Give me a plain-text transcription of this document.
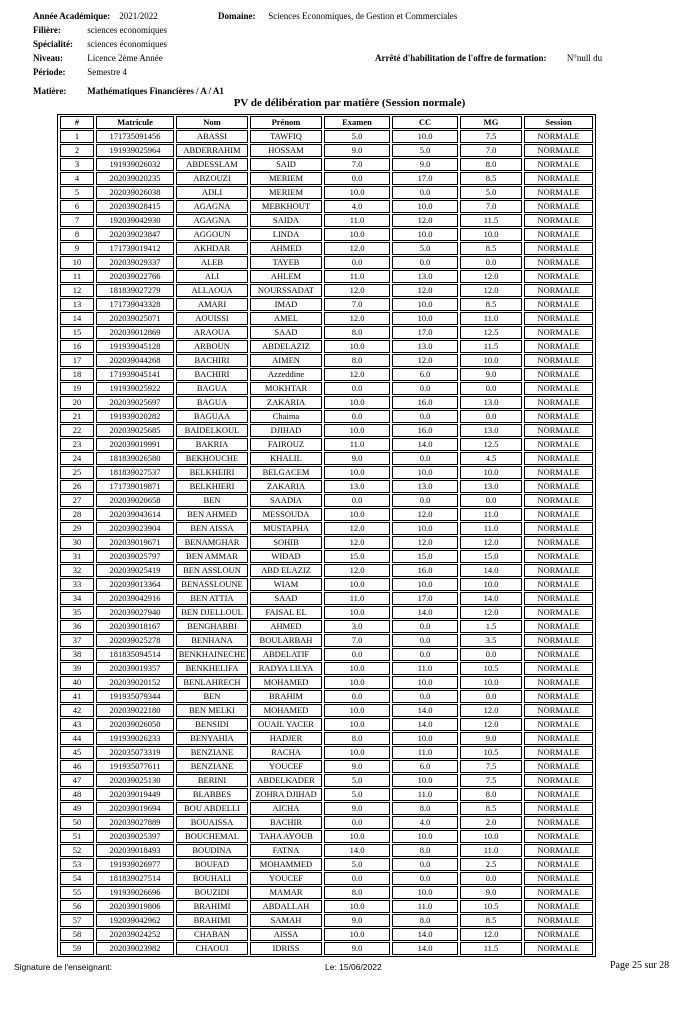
Année Académique: 2021/2022	Domaine: Sciences Economiques, de Gestion et Commerciales
Filière:	sciences economiques
Spécialité: sciences économiques
Niveau:	Licence 2ème Année	Arrêté d'habilitation de l'offre de formation: N°null du
Période: Semestre 4
Matière: Mathématiques Financières / A / A1
PV de délibération par matière (Session normale)
#	Matricule	Nom	Prénom	Examen	CC	MG	Session
1	171735091456	ABASSI	TAWFIQ	5.0	10.0	7.5	NORMALE
2	191939025964	ABDERRAHIM	HOSSAM	9.0	5.0	7.0	NORMALE
3	191939026032	ABDESSLAM	SAID	7.0	9.0	8.0	NORMALE
4	202039020235	ABZOUZI	MERIEM	0.0	17.0	8.5	NORMALE
5	202039026038	ADLI	MERIEM	10.0	0.0	5.0	NORMALE
6	202039028415	AGAGNA	MEBKHOUT	4.0	10.0	7.0	NORMALE
7	192039042930	AGAGNA	SAIDA	11.0	12.0	11.5	NORMALE
8	202039023847	AGGOUN	LINDA	10.0	10.0	10.0	NORMALE
9	171739019412	AKHDAR	AHMED	12.0	5.0	8.5	NORMALE
10	202039029337	ALEB	TAYEB	0.0	0.0	0.0	NORMALE
11	202039022766	ALI	AHLEM	11.0	13.0	12.0	NORMALE
12	181839027279	ALLAOUA	NOURSSADAT	12.0	12.0	12.0	NORMALE
13	171739043328	AMARI	IMAD	7.0	10.0	8.5	NORMALE
14	202039025071	AOUISSI	AMEL	12.0	10.0	11.0	NORMALE
15	202039012869	ARAOUA	SAAD	8.0	17.0	12.5	NORMALE
16	191939045128	ARBOUN	ABDELAZIZ	10.0	13.0	11.5	NORMALE
17	202039044268	BACHIRI	AIMEN	8.0	12.0	10.0	NORMALE
18	171939045141	BACHIRI	Azzeddine	12.0	6.0	9.0	NORMALE
19	191939025922	BAGUA	MOKHTAR	0.0	0.0	0.0	NORMALE
20	202039025697	BAGUA	ZAKARIA	10.0	16.0	13.0	NORMALE
21	191939020282	BAGUAA	Chaima	0.0	0.0	0.0	NORMALE
22	202039025685	BAIDELKOUL	DJIHAD	10.0	16.0	13.0	NORMALE
23	202039019991	BAKRIA	FAIROUZ	11.0	14.0	12.5	NORMALE
24	181839026580	BEKHOUCHE	KHALIL	9.0	0.0	4.5	NORMALE
25	181839027537	BELKHEIRI	BELGACEM	10.0	10.0	10.0	NORMALE
26	171739019871	BELKHIERI	ZAKARIA	13.0	13.0	13.0	NORMALE
27	202039020658	BEN	SAADIA	0.0	0.0	0.0	NORMALE
28	202039043614	BEN AHMED	MESSOUDA	10.0	12.0	11.0	NORMALE
29	202039023904	BEN AISSA	MUSTAPHA	12.0	10.0	11.0	NORMALE
30	202039019671	BENAMGHAR	SOHIB	12.0	12.0	12.0	NORMALE
31	202039025797	BEN AMMAR	WIDAD	15.0	15.0	15.0	NORMALE
32	202039025419	BEN ASSLOUN	ABD ELAZIZ	12.0	16.0	14.0	NORMALE
33	202039013364	BENASSLOUNE	WIAM	10.0	10.0	10.0	NORMALE
34	202039042916	BEN ATTIA	SAAD	11.0	17.0	14.0	NORMALE
35	202039027940	BEN DJELLOUL	FAISAL EL	10.0	14.0	12.0	NORMALE
36	202039018167	BENGHARBI	AHMED	3.0	0.0	1.5	NORMALE
37	202039025278	BENHANA	BOULARBAH	7.0	0.0	3.5	NORMALE
38	181835094514	BENKHAINECHE	ABDELATIF	0.0	0.0	0.0	NORMALE
39	202039019357	BENKHELIFA	RADYA LILYA	10.0	11.0	10.5	NORMALE
40	202039020152	BENLAHRECH	MOHAMED	10.0	10.0	10.0	NORMALE
41	191935079344	BEN	BRAHIM	0.0	0.0	0.0	NORMALE
42	202039022180	BEN MELKI	MOHAMED	10.0	14.0	12.0	NORMALE
43	202039026050	BENSIDI	OUAIL YACER	10.0	14.0	12.0	NORMALE
44	191939026233	BENYAHIA	HADJER	8.0	10.0	9.0	NORMALE
45	202035073319	BENZIANE	RACHA	10.0	11.0	10.5	NORMALE
46	191935077611	BENZIANE	YOUCEF	9.0	6.0	7.5	NORMALE
47	202039025130	BERINI	ABDELKADER	5.0	10.0	7.5	NORMALE
48	202039019449	BLABBES	ZOHRA DJIHAD	5.0	11.0	8.0	NORMALE
49	202039019694	BOU ABDELLI	AICHA	9.0	8.0	8.5	NORMALE
50	202039027889	BOUAISSA	BACHIR	0.0	4.0	2.0	NORMALE
51	202039025397	BOUCHEMAL	TAHA AYOUB	10.0	10.0	10.0	NORMALE
52	202039018493	BOUDINA	FATNA	14.0	8.0	11.0	NORMALE
53	191939026977	BOUFAD	MOHAMMED	5.0	0.0	2.5	NORMALE
54	181839027514	BOUHALI	YOUCEF	0.0	0.0	0.0	NORMALE
55	191939026696	BOUZIDI	MAMAR	8.0	10.0	9.0	NORMALE
56	202039019806	BRAHIMI	ABDALLAH	10.0	11.0	10.5	NORMALE
57	192039042962	BRAHIMI	SAMAH	9.0	8.0	8.5	NORMALE
58	202039024252	CHABAN	AISSA	10.0	14.0	12.0	NORMALE
59	202039023982	CHAOUI	IDRISS	9.0	14.0	11.5	NORMALE
Signature de l'enseignant:	Le: 15/06/2022	Page 25 sur 28
